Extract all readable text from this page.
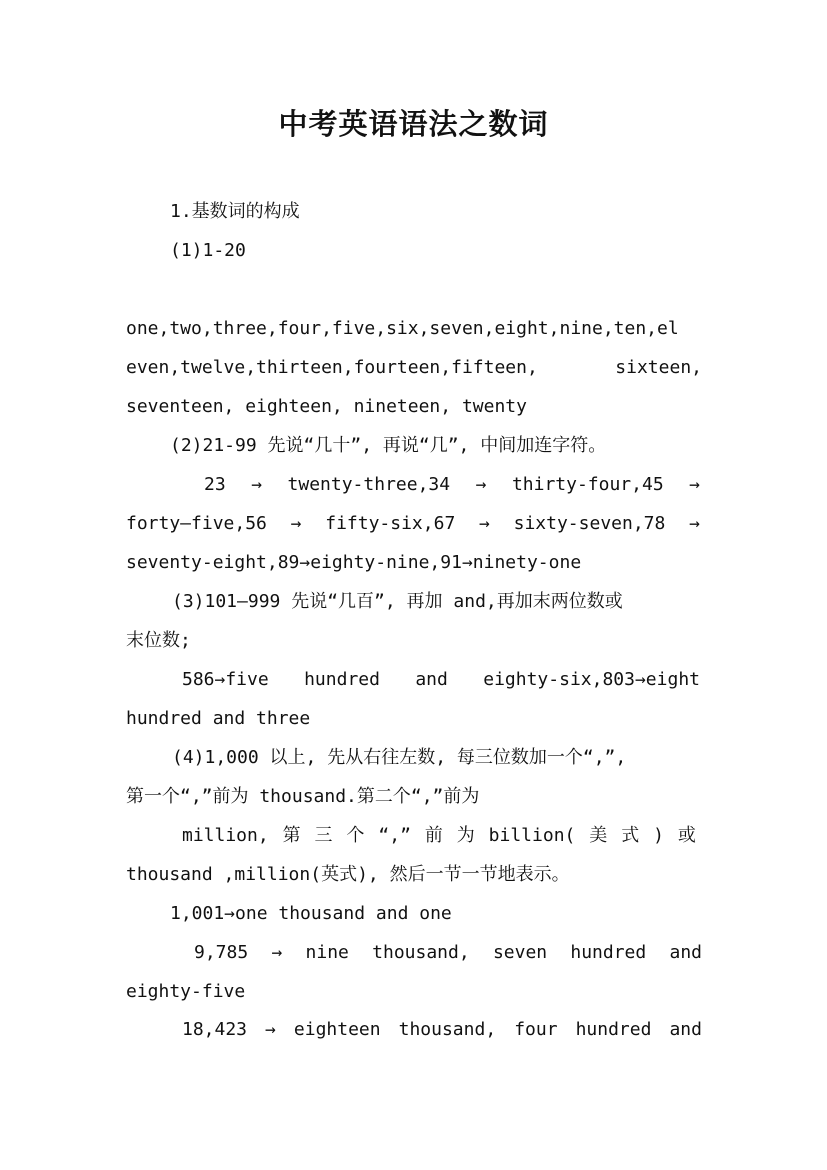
中考英语语法之数词
1.基数词的构成
(1)1-20
one,two,three,four,five,six,seven,eight,nine,ten,el
even,twelve,thirteen,fourteen,fifteen,	sixteen,
seventeen, eighteen, nineteen, twenty
(2)21-99 先说“几十”, 再说“几”, 中间加连字符。
23 → twenty-three,34 → thirty-four,45 →
forty—five,56 → fifty-six,67 → sixty-seven,78 →
seventy-eight,89→eighty-nine,91→ninety-one
(3)101—999 先说“几百”, 再加 and,再加末两位数或
末位数;
586→five hundred and eighty-six,803→eight
hundred and three
(4)1,000 以上, 先从右往左数, 每三位数加一个“,”,
第一个“,”前为 thousand.第二个“,”前为
million, 第 三 个 “,” 前 为 billion( 美 式 ) 或
thousand ,million(英式), 然后一节一节地表示。
1,001→one thousand and one
9,785 → nine thousand, seven hundred and
eighty-five
18,423 → eighteen thousand, four hundred and
